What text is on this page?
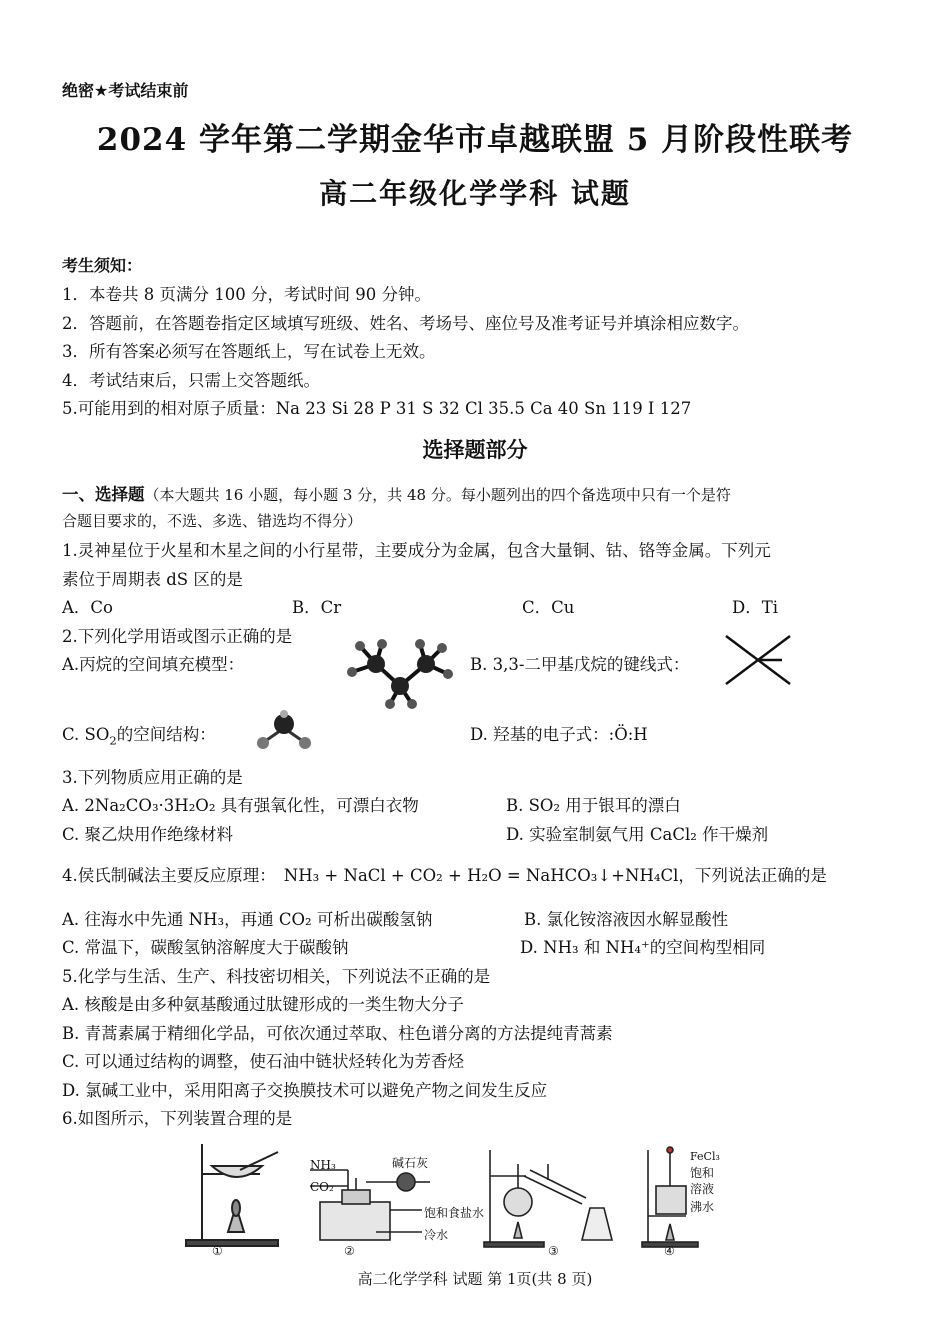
绝密★考试结束前
2024 学年第二学期金华市卓越联盟 5 月阶段性联考
高二年级化学学科 试题
考生须知：
1．本卷共 8 页满分 100 分，考试时间 90 分钟。
2．答题前，在答题卷指定区域填写班级、姓名、考场号、座位号及准考证号并填涂相应数字。
3．所有答案必须写在答题纸上，写在试卷上无效。
4．考试结束后，只需上交答题纸。
5.可能用到的相对原子质量：Na 23 Si 28 P 31 S 32 Cl 35.5 Ca 40 Sn 119 I 127
选择题部分
一、选择题（本大题共 16 小题，每小题 3 分，共 48 分。每小题列出的四个备选项中只有一个是符
合题目要求的，不选、多选、错选均不得分）
1.灵神星位于火星和木星之间的小行星带，主要成分为金属，包含大量铜、钴、铬等金属。下列元
素位于周期表 dS 区的是
A．Co	B．Cr	C．Cu	D．Ti
2.下列化学用语或图示正确的是
A.丙烷的空间填充模型：	B. 3,3-二甲基戊烷的键线式：
C. $SO_2$的空间结构：	D. 羟基的电子式：:Ö:H
3.下列物质应用正确的是
A. 2Na₂CO₃·3H₂O₂ 具有强氧化性，可漂白衣物	B. SO₂ 用于银耳的漂白
C. 聚乙炔用作绝缘材料	D. 实验室制氨气用 CaCl₂ 作干燥剂
4.侯氏制碱法主要反应原理： NH₃ + NaCl + CO₂ + H₂O = NaHCO₃↓+NH₄Cl，下列说法正确的是
A. 往海水中先通 NH₃，再通 CO₂ 可析出碳酸氢钠	B. 氯化铵溶液因水解显酸性
C. 常温下，碳酸氢钠溶解度大于碳酸钠	D. NH₃ 和 NH₄⁺的空间构型相同
5.化学与生活、生产、科技密切相关，下列说法不正确的是
A. 核酸是由多种氨基酸通过肽键形成的一类生物大分子
B. 青蒿素属于精细化学品，可依次通过萃取、柱色谱分离的方法提纯青蒿素
C. 可以通过结构的调整，使石油中链状烃转化为芳香烃
D. 氯碱工业中，采用阳离子交换膜技术可以避免产物之间发生反应
6.如图所示，下列装置合理的是
①
NH₃
CO₂
碱石灰
饱和食盐水
冷水
②	③
FeCl₃
饱和
溶液
沸水
④
高二化学学科 试题 第 1页(共 8 页)
